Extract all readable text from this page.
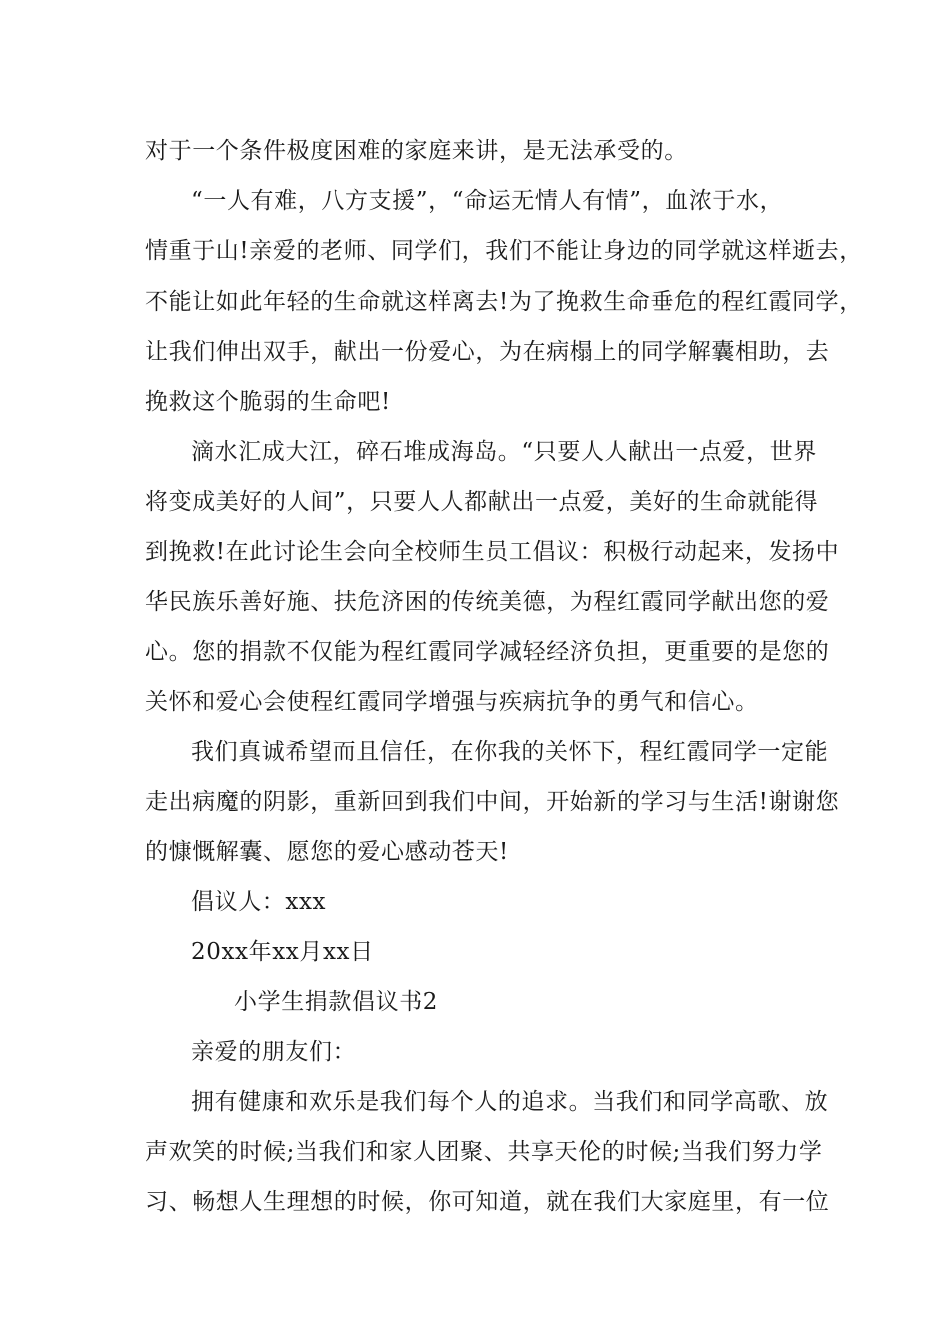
对于一个条件极度困难的家庭来讲，是无法承受的。
“一人有难，八方支援”，“命运无情人有情”，血浓于水，
情重于山!亲爱的老师、同学们，我们不能让身边的同学就这样逝去，
不能让如此年轻的生命就这样离去!为了挽救生命垂危的程红霞同学，
让我们伸出双手，献出一份爱心，为在病榻上的同学解囊相助，去
挽救这个脆弱的生命吧!
滴水汇成大江，碎石堆成海岛。“只要人人献出一点爱，世界
将变成美好的人间”，只要人人都献出一点爱，美好的生命就能得
到挽救!在此讨论生会向全校师生员工倡议：积极行动起来，发扬中
华民族乐善好施、扶危济困的传统美德，为程红霞同学献出您的爱
心。您的捐款不仅能为程红霞同学减轻经济负担，更重要的是您的
关怀和爱心会使程红霞同学增强与疾病抗争的勇气和信心。
我们真诚希望而且信任，在你我的关怀下，程红霞同学一定能
走出病魔的阴影，重新回到我们中间，开始新的学习与生活!谢谢您
的慷慨解囊、愿您的爱心感动苍天!
倡议人：xxx
20xx年xx月xx日
小学生捐款倡议书2
亲爱的朋友们：
拥有健康和欢乐是我们每个人的追求。当我们和同学高歌、放
声欢笑的时候;当我们和家人团聚、共享天伦的时候;当我们努力学
习、畅想人生理想的时候，你可知道，就在我们大家庭里，有一位
